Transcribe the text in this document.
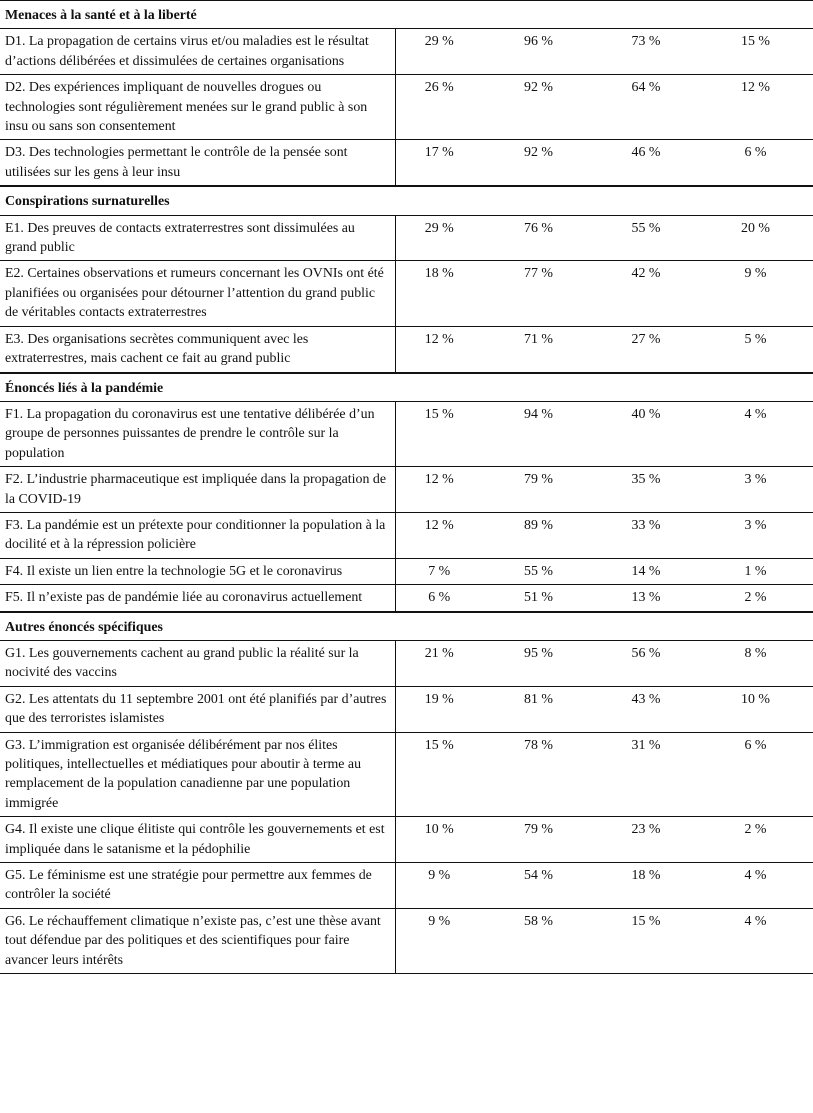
Menaces à la santé et à la liberté				
D1. La propagation de certains virus et/ou maladies est le résultat d’actions délibérées et dissimulées de certaines organisations	29 %	96 %	73 %	15 %
D2. Des expériences impliquant de nouvelles drogues ou technologies sont régulièrement menées sur le grand public à son insu ou sans son consentement	26 %	92 %	64 %	12 %
D3. Des technologies permettant le contrôle de la pensée sont utilisées sur les gens à leur insu	17 %	92 %	46 %	6 %
Conspirations surnaturelles				
E1. Des preuves de contacts extraterrestres sont dissimulées au grand public	29 %	76 %	55 %	20 %
E2. Certaines observations et rumeurs concernant les OVNIs ont été planifiées ou organisées pour détourner l’attention du grand public de véritables contacts extraterrestres	18 %	77 %	42 %	9 %
E3. Des organisations secrètes communiquent avec les extraterrestres, mais cachent ce fait au grand public	12 %	71 %	27 %	5 %
Énoncés liés à la pandémie				
F1. La propagation du coronavirus est une tentative délibérée d’un groupe de personnes puissantes de prendre le contrôle sur la population	15 %	94 %	40 %	4 %
F2. L’industrie pharmaceutique est impliquée dans la propagation de la COVID-19	12 %	79 %	35 %	3 %
F3. La pandémie est un prétexte pour conditionner la population à la docilité et à la répression policière	12 %	89 %	33 %	3 %
F4. Il existe un lien entre la technologie 5G et le coronavirus	7 %	55 %	14 %	1 %
F5. Il n’existe pas de pandémie liée au coronavirus actuellement	6 %	51 %	13 %	2 %
Autres énoncés spécifiques				
G1. Les gouvernements cachent au grand public la réalité sur la nocivité des vaccins	21 %	95 %	56 %	8 %
G2. Les attentats du 11 septembre 2001 ont été planifiés par d’autres que des terroristes islamistes	19 %	81 %	43 %	10 %
G3. L’immigration est organisée délibérément par nos élites politiques, intellectuelles et médiatiques pour aboutir à terme au remplacement de la population canadienne par une population immigrée	15 %	78 %	31 %	6 %
G4. Il existe une clique élitiste qui contrôle les gouvernements et est impliquée dans le satanisme et la pédophilie	10 %	79 %	23 %	2 %
G5. Le féminisme est une stratégie pour permettre aux femmes de contrôler la société	9 %	54 %	18 %	4 %
G6. Le réchauffement climatique n’existe pas, c’est une thèse avant tout défendue par des politiques et des scientifiques pour faire avancer leurs intérêts	9 %	58 %	15 %	4 %
